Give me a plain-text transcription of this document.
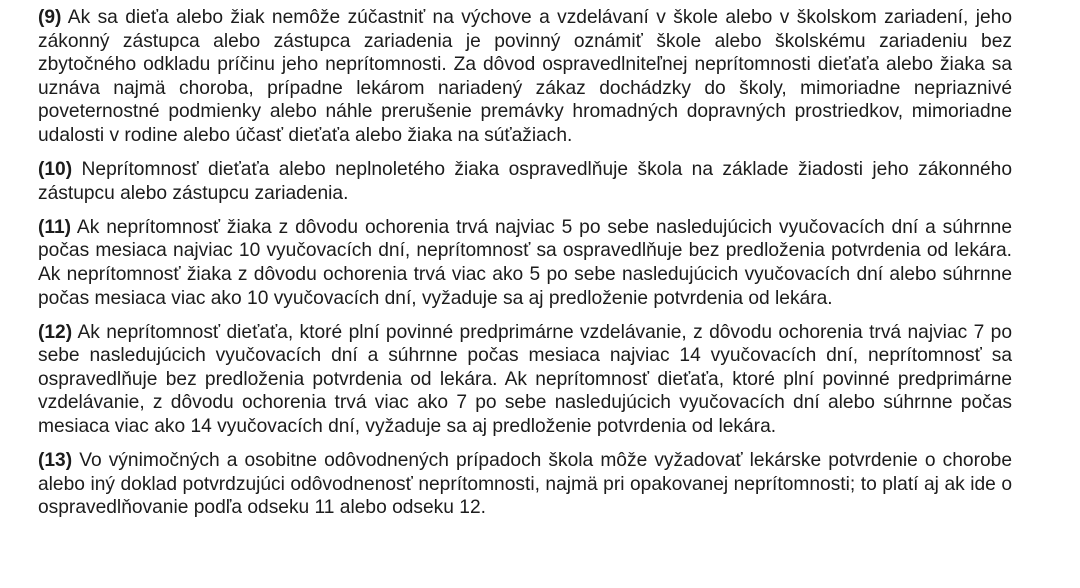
(9) Ak sa dieťa alebo žiak nemôže zúčastniť na výchove a vzdelávaní v škole alebo v školskom zariadení, jeho zákonný zástupca alebo zástupca zariadenia je povinný oznámiť škole alebo školskému zariadeniu bez zbytočného odkladu príčinu jeho neprítomnosti. Za dôvod ospravedlniteľnej neprítomnosti dieťaťa alebo žiaka sa uznáva najmä choroba, prípadne lekárom nariadený zákaz dochádzky do školy, mimoriadne nepriaznivé poveternostné podmienky alebo náhle prerušenie premávky hromadných dopravných prostriedkov, mimoriadne udalosti v rodine alebo účasť dieťaťa alebo žiaka na súťažiach.

(10) Neprítomnosť dieťaťa alebo neplnoletého žiaka ospravedlňuje škola na základe žiadosti jeho zákonného zástupcu alebo zástupcu zariadenia.

(11) Ak neprítomnosť žiaka z dôvodu ochorenia trvá najviac 5 po sebe nasledujúcich vyučovacích dní a súhrnne počas mesiaca najviac 10 vyučovacích dní, neprítomnosť sa ospravedlňuje bez predloženia potvrdenia od lekára. Ak neprítomnosť žiaka z dôvodu ochorenia trvá viac ako 5 po sebe nasledujúcich vyučovacích dní alebo súhrnne počas mesiaca viac ako 10 vyučovacích dní, vyžaduje sa aj predloženie potvrdenia od lekára.

(12) Ak neprítomnosť dieťaťa, ktoré plní povinné predprimárne vzdelávanie, z dôvodu ochorenia trvá najviac 7 po sebe nasledujúcich vyučovacích dní a súhrnne počas mesiaca najviac 14 vyučovacích dní, neprítomnosť sa ospravedlňuje bez predloženia potvrdenia od lekára. Ak neprítomnosť dieťaťa, ktoré plní povinné predprimárne vzdelávanie, z dôvodu ochorenia trvá viac ako 7 po sebe nasledujúcich vyučovacích dní alebo súhrnne počas mesiaca viac ako 14 vyučovacích dní, vyžaduje sa aj predloženie potvrdenia od lekára.

(13) Vo výnimočných a osobitne odôvodnených prípadoch škola môže vyžadovať lekárske potvrdenie o chorobe alebo iný doklad potvrdzujúci odôvodnenosť neprítomnosti, najmä pri opakovanej neprítomnosti; to platí aj ak ide o ospravedlňovanie podľa odseku 11 alebo odseku 12.
